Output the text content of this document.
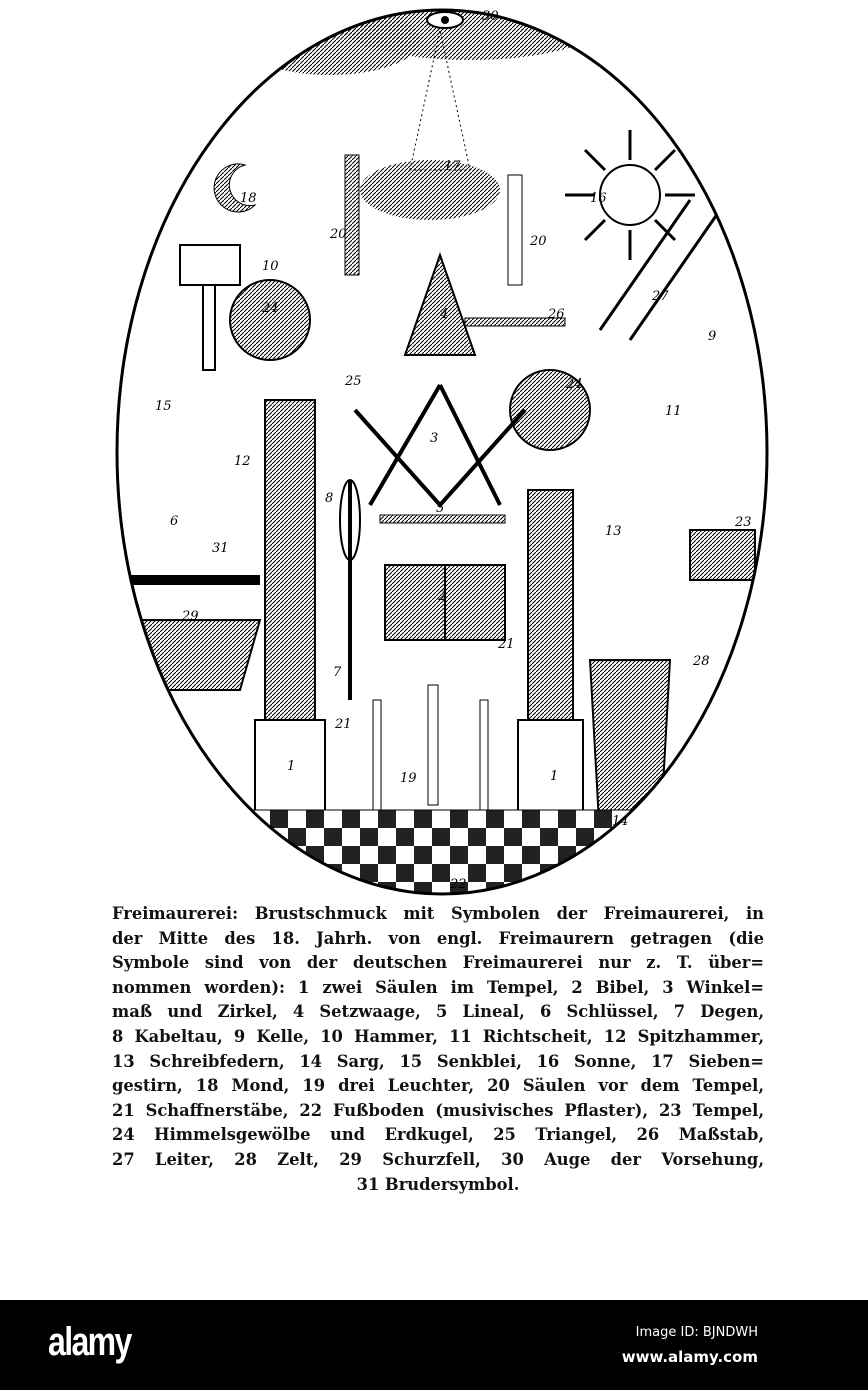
30
17
18	16
20	20
10
24	4	26
27
9
25
15
12
24
11
3
6
8
5
13
23
31
2
29
7
21
28
21
1
1
19
14
22
Freimaurerei: Brustschmuck mit Symbolen der Freimaurerei, in
der Mitte des 18. Jahrh. von engl. Freimaurern getragen (die
Symbole sind von der deutschen Freimaurerei nur z. T. über=
nommen worden): 1 zwei Säulen im Tempel, 2 Bibel, 3 Winkel=
maß und Zirkel, 4 Setzwaage, 5 Lineal, 6 Schlüssel, 7 Degen,
8 Kabeltau, 9 Kelle, 10 Hammer, 11 Richtscheit, 12 Spitzhammer,
13 Schreibfedern, 14 Sarg, 15 Senkblei, 16 Sonne, 17 Sieben=
gestirn, 18 Mond, 19 drei Leuchter, 20 Säulen vor dem Tempel,
21 Schaffnerstäbe, 22 Fußboden (musivisches Pflaster), 23 Tempel,
24 Himmelsgewölbe und Erdkugel, 25 Triangel, 26 Maßstab,
27 Leiter, 28 Zelt, 29 Schurzfell, 30 Auge der Vorsehung,
31 Brudersymbol.
alamy	Image ID: BJNDWH
www.alamy.com
